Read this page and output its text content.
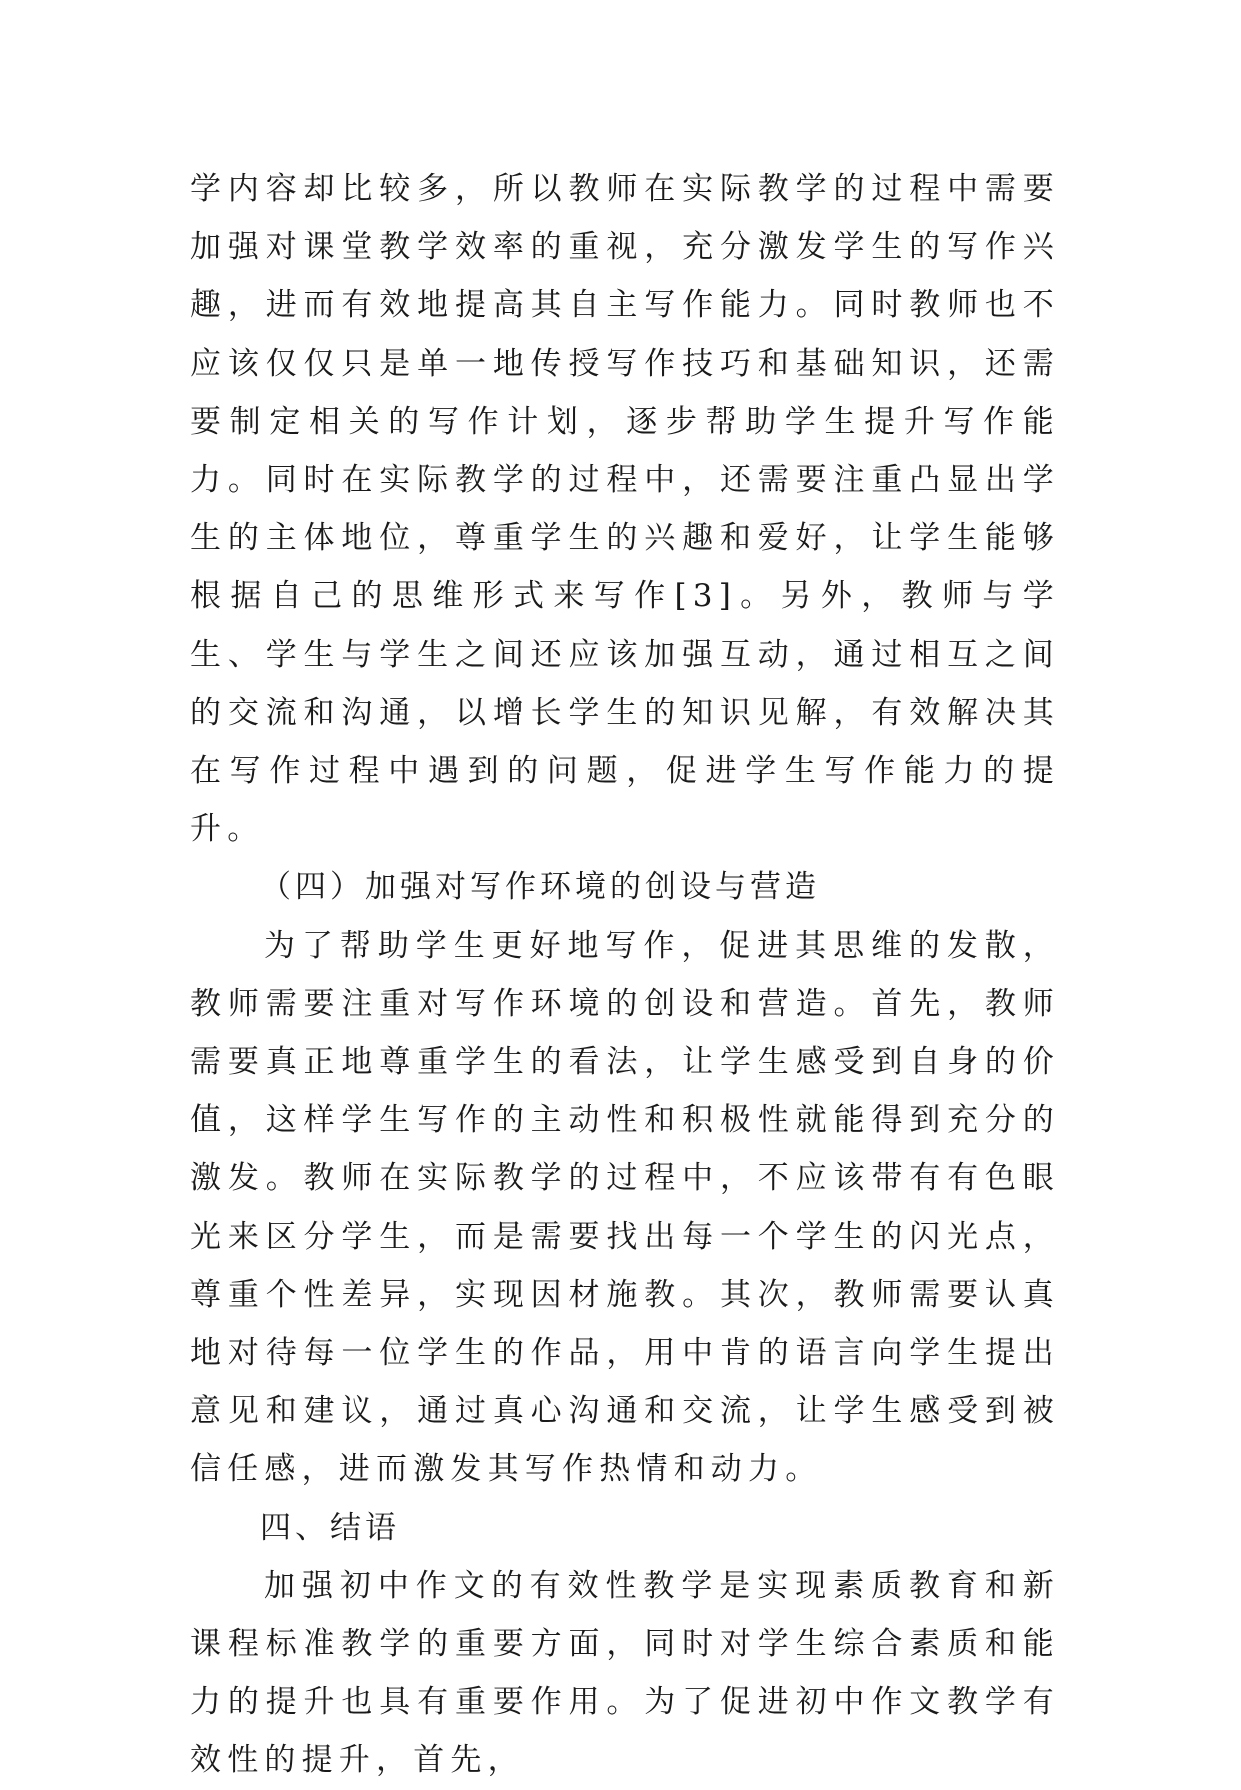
学内容却比较多，所以教师在实际教学的过程中需要加强对课堂教学效率的重视，充分激发学生的写作兴趣，进而有效地提高其自主写作能力。同时教师也不应该仅仅只是单一地传授写作技巧和基础知识，还需要制定相关的写作计划，逐步帮助学生提升写作能力。同时在实际教学的过程中，还需要注重凸显出学生的主体地位，尊重学生的兴趣和爱好，让学生能够根据自己的思维形式来写作[3]。另外，教师与学生、学生与学生之间还应该加强互动，通过相互之间的交流和沟通，以增长学生的知识见解，有效解决其在写作过程中遇到的问题，促进学生写作能力的提升。

（四）加强对写作环境的创设与营造

为了帮助学生更好地写作，促进其思维的发散，教师需要注重对写作环境的创设和营造。首先，教师需要真正地尊重学生的看法，让学生感受到自身的价值，这样学生写作的主动性和积极性就能得到充分的激发。教师在实际教学的过程中，不应该带有有色眼光来区分学生，而是需要找出每一个学生的闪光点，尊重个性差异，实现因材施教。其次，教师需要认真地对待每一位学生的作品，用中肯的语言向学生提出意见和建议，通过真心沟通和交流，让学生感受到被信任感，进而激发其写作热情和动力。

四、结语

加强初中作文的有效性教学是实现素质教育和新课程标准教学的重要方面，同时对学生综合素质和能力的提升也具有重要作用。为了促进初中作文教学有效性的提升，首先，
